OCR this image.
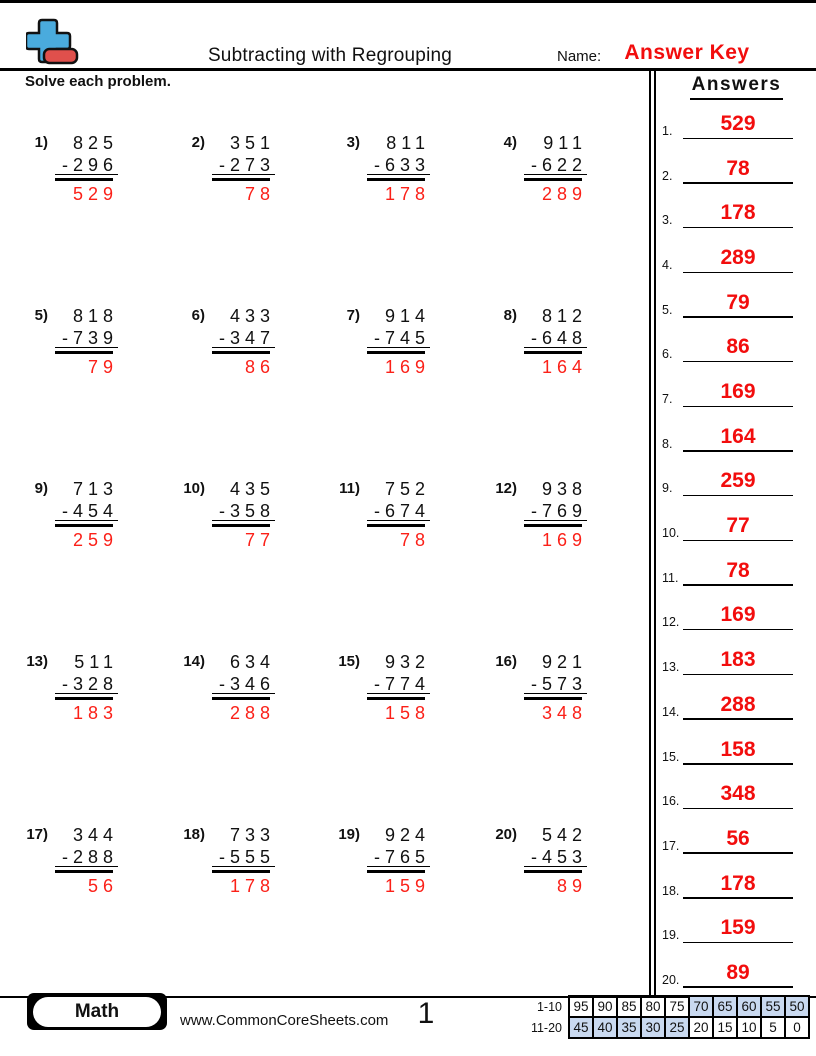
Subtracting with Regrouping	Name:	Answer Key
Solve each problem.	Answers
1)	825
-296
529
2)	351
-273
78
3)	811
-633
178
4)	911
-622
289
5)	818
-739
79
6)	433
-347
86
7)	914
-745
169
8)	812
-648
164
9)	713
-454
259
10)	435
-358
77
11)	752
-674
78
12)	938
-769
169
13)	511
-328
183
14)	634
-346
288
15)	932
-774
158
16)	921
-573
348
17)	344
-288
56
18)	733
-555
178
19)	924
-765
159
20)	542
-453
89
1.	529
2.	78
3.	178
4.	289
5.	79
6.	86
7.	169
8.	164
9.	259
10.	77
11.	78
12.	169
13.	183
14.	288
15.	158
16.	348
17.	56
18.	178
19.	159
20.	89
Math	www.CommonCoreSheets.com 1	1-10	95	90	85	80	75	70	65	60	55	50
11-20	45	40	35	30	25	20	15	10	5	0
